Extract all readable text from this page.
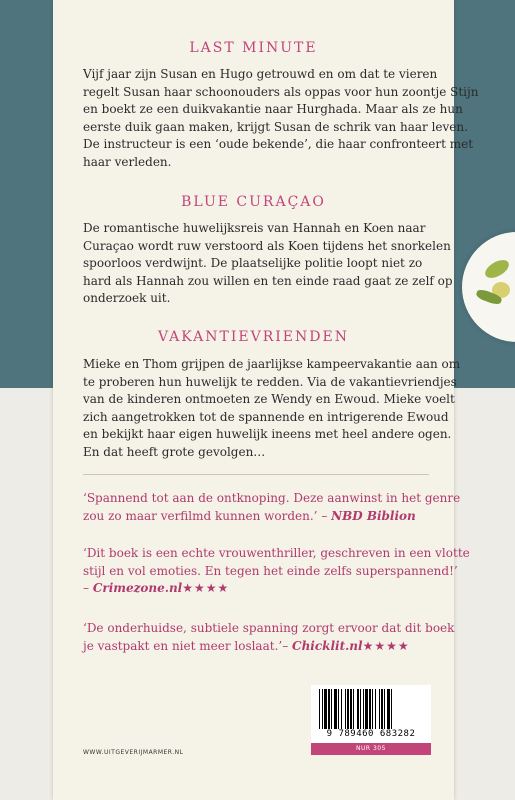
LAST MINUTE
Vijf jaar zijn Susan en Hugo getrouwd en om dat te vieren
regelt Susan haar schoonouders als oppas voor hun zoontje Stijn
en boekt ze een duikvakantie naar Hurghada. Maar als ze hun
eerste duik gaan maken, krijgt Susan de schrik van haar leven.
De instructeur is een ‘oude bekende’, die haar confronteert met
haar verleden.
BLUE CURAÇAO
De romantische huwelijksreis van Hannah en Koen naar
Curaçao wordt ruw verstoord als Koen tijdens het snorkelen
spoorloos verdwijnt. De plaatselijke politie loopt niet zo
hard als Hannah zou willen en ten einde raad gaat ze zelf op
onderzoek uit.
VAKANTIEVRIENDEN
Mieke en Thom grijpen de jaarlijkse kampeervakantie aan om
te proberen hun huwelijk te redden. Via de vakantievriendjes
van de kinderen ontmoeten ze Wendy en Ewoud. Mieke voelt
zich aangetrokken tot de spannende en intrigerende Ewoud
en bekijkt haar eigen huwelijk ineens met heel andere ogen.
En dat heeft grote gevolgen…
‘Spannend tot aan de ontknoping. Deze aanwinst in het genre
zou zo maar verfilmd kunnen worden.’ – NBD Biblion
‘Dit boek is een echte vrouwenthriller, geschreven in een vlotte
stijl en vol emoties. En tegen het einde zelfs superspannend!’
– Crimezone.nl★★★★
‘De onderhuidse, subtiele spanning zorgt ervoor dat dit boek
je vastpakt en niet meer loslaat.’– Chicklit.nl★★★★
WWW.UITGEVERIJMARMER.NL
9 789460 683282
NUR 305
